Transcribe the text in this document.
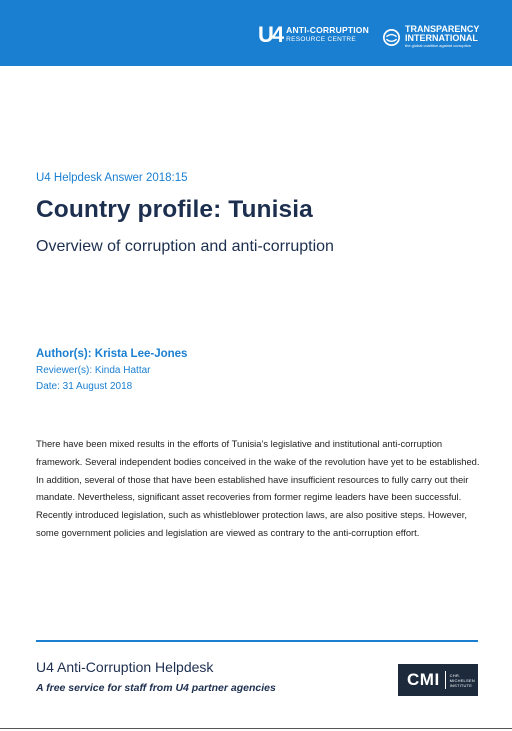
U4 ANTI-CORRUPTION
RESOURCE CENTRE
TRANSPARENCY
INTERNATIONAL
the global coalition against corruption
U4 Helpdesk Answer 2018:15
Country profile: Tunisia
Overview of corruption and anti-corruption
Author(s): Krista Lee-Jones
Reviewer(s): Kinda Hattar
Date: 31 August 2018
There have been mixed results in the efforts of Tunisia’s legislative and institutional anti-corruption framework. Several independent bodies conceived in the wake of the revolution have yet to be established. In addition, several of those that have been established have insufficient resources to fully carry out their mandate. Nevertheless, significant asset recoveries from former regime leaders have been successful. Recently introduced legislation, such as whistleblower protection laws, are also positive steps. However, some government policies and legislation are viewed as contrary to the anti-corruption effort.
U4 Anti-Corruption Helpdesk
A free service for staff from U4 partner agencies	CMI	CHR.
MICHELSEN
INSTITUTE
